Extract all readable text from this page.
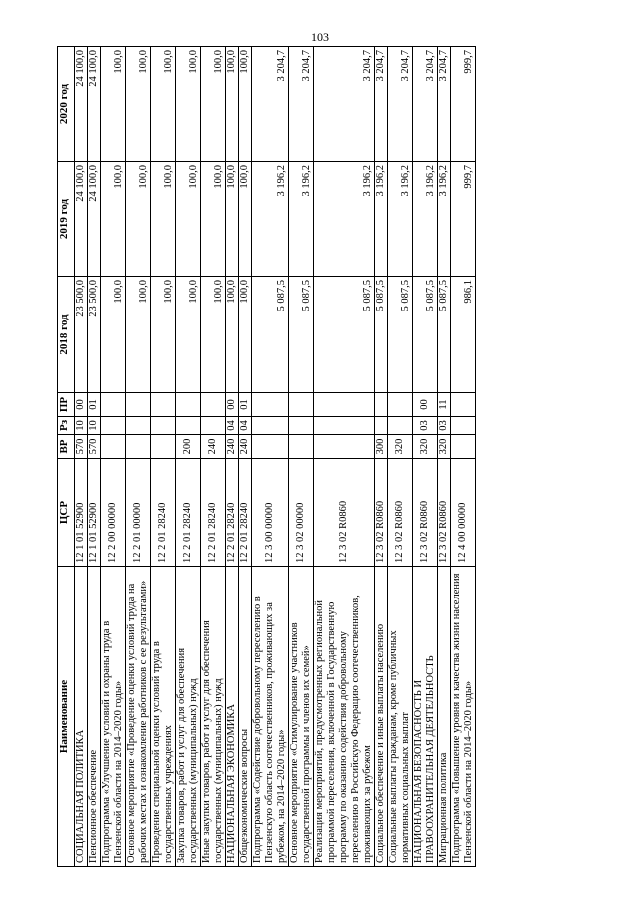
103
Наименование	ЦСР	ВР	Рз	ПР	2018 год	2019 год	2020 год
СОЦИАЛЬНАЯ ПОЛИТИКА	12 1 01 52900	570	10	00	23 500,0	24 100,0	24 100,0
Пенсионное обеспечение	12 1 01 52900	570	10	01	23 500,0	24 100,0	24 100,0
Подпрограмма «Улучшение условий и охраны труда в Пензенской области на 2014–2020 годы»	12 2 00 00000				100,0	100,0	100,0
Основное мероприятие «Проведение оценки условий труда на рабочих местах и ознакомление работников с ее результатами»	12 2 01 00000				100,0	100,0	100,0
Проведение специальной оценки условий труда в государственных учреждениях	12 2 01 28240				100,0	100,0	100,0
Закупка товаров, работ и услуг для обеспечения государственных (муниципальных) нужд	12 2 01 28240	200			100,0	100,0	100,0
Иные закупки товаров, работ и услуг для обеспечения государственных (муниципальных) нужд	12 2 01 28240	240			100,0	100,0	100,0
НАЦИОНАЛЬНАЯ ЭКОНОМИКА	12 2 01 28240	240	04	00	100,0	100,0	100,0
Общеэкономические вопросы	12 2 01 28240	240	04	01	100,0	100,0	100,0
Подпрограмма «Содействие добровольному переселению в Пензенскую область соотечественников, проживающих за рубежом, на 2014–2020 годы»	12 3 00 00000				5 087,5	3 196,2	3 204,7
Основное мероприятие «Стимулирование участников государственной программы и членов их семей»	12 3 02 00000				5 087,5	3 196,2	3 204,7
Реализация мероприятий, предусмотренных региональной программой переселения, включенной в Государственную программу по оказанию содействия добровольному переселению в Российскую Федерацию соотечественников, проживающих за рубежом	12 3 02 R0860				5 087,5	3 196,2	3 204,7
Социальное обеспечение и иные выплаты населению	12 3 02 R0860	300			5 087,5	3 196,2	3 204,7
Социальные выплаты гражданам, кроме публичных нормативных социальных выплат	12 3 02 R0860	320			5 087,5	3 196,2	3 204,7
НАЦИОНАЛЬНАЯ БЕЗОПАСНОСТЬ И ПРАВООХРАНИТЕЛЬНАЯ ДЕЯТЕЛЬНОСТЬ	12 3 02 R0860	320	03	00	5 087,5	3 196,2	3 204,7
Миграционная политика	12 3 02 R0860	320	03	11	5 087,5	3 196,2	3 204,7
Подпрограмма «Повышение уровня и качества жизни населения Пензенской области на 2014–2020 годы»	12 4 00 00000				986,1	999,7	999,7
